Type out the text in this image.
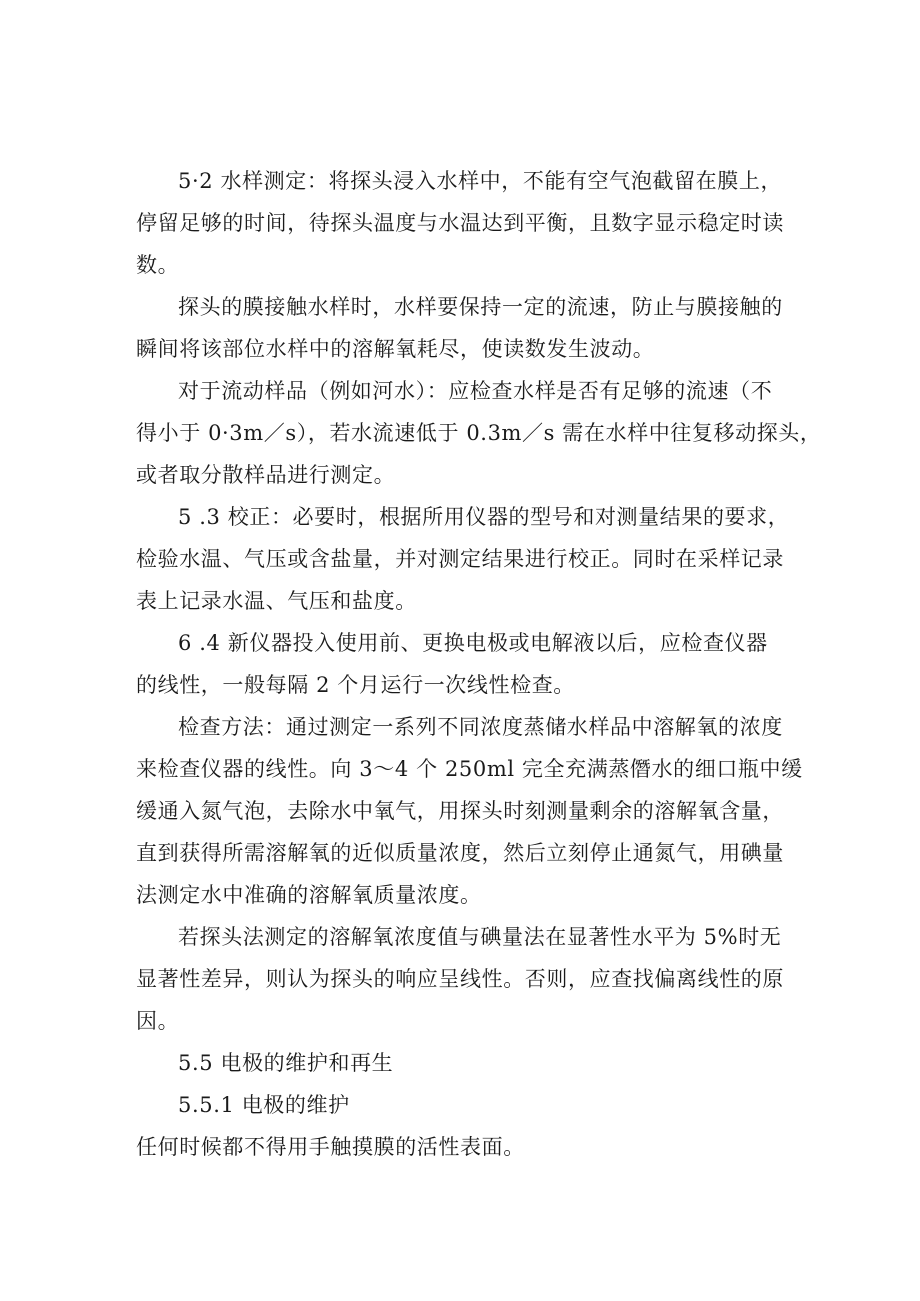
5·2 水样测定：将探头浸入水样中，不能有空气泡截留在膜上，
停留足够的时间，待探头温度与水温达到平衡，且数字显示稳定时读
数。

探头的膜接触水样时，水样要保持一定的流速，防止与膜接触的
瞬间将该部位水样中的溶解氧耗尽，使读数发生波动。

对于流动样品（例如河水）：应检查水样是否有足够的流速（不
得小于 0·3m／s），若水流速低于 0.3m／s 需在水样中往复移动探头，
或者取分散样品进行测定。

5 .3 校正：必要时，根据所用仪器的型号和对测量结果的要求，
检验水温、气压或含盐量，并对测定结果进行校正。同时在采样记录
表上记录水温、气压和盐度。

6 .4 新仪器投入使用前、更换电极或电解液以后，应检查仪器
的线性，一般每隔 2 个月运行一次线性检查。

检查方法：通过测定一系列不同浓度蒸储水样品中溶解氧的浓度
来检查仪器的线性。向 3～4 个 250ml 完全充满蒸僭水的细口瓶中缓
缓通入氮气泡，去除水中氧气，用探头时刻测量剩余的溶解氧含量，
直到获得所需溶解氧的近似质量浓度，然后立刻停止通氮气，用碘量
法测定水中准确的溶解氧质量浓度。

若探头法测定的溶解氧浓度值与碘量法在显著性水平为 5%时无
显著性差异，则认为探头的响应呈线性。否则，应查找偏离线性的原
因。

5.5 电极的维护和再生

5.5.1 电极的维护

任何时候都不得用手触摸膜的活性表面。
